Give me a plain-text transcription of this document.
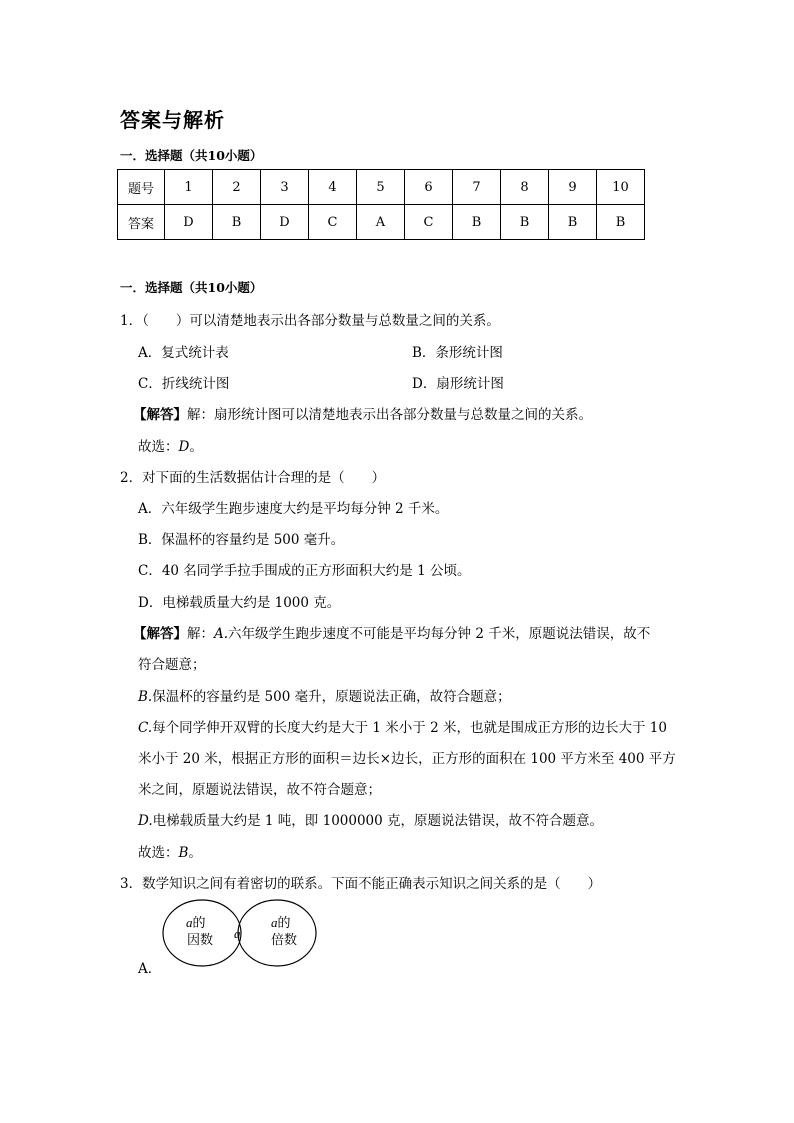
答案与解析
一．选择题（共10小题）
题号	1	2	3	4	5	6	7	8	9	10
答案	D	B	D	C	A	C	B	B	B	B
一．选择题（共10小题）
1．（　　）可以清楚地表示出各部分数量与总数量之间的关系。
A．复式统计表	B．条形统计图
C．折线统计图	D．扇形统计图
【解答】解：扇形统计图可以清楚地表示出各部分数量与总数量之间的关系。
故选：D。
2．对下面的生活数据估计合理的是（　　）
A．六年级学生跑步速度大约是平均每分钟 2 千米。
B．保温杯的容量约是 500 毫升。
C．40 名同学手拉手围成的正方形面积大约是 1 公顷。
D．电梯载质量大约是 1000 克。
【解答】解：A.六年级学生跑步速度不可能是平均每分钟 2 千米，原题说法错误，故不
符合题意；
B.保温杯的容量约是 500 毫升，原题说法正确，故符合题意；
C.每个同学伸开双臂的长度大约是大于 1 米小于 2 米，也就是围成正方形的边长大于 10
米小于 20 米，根据正方形的面积＝边长×边长，正方形的面积在 100 平方米至 400 平方
米之间，原题说法错误，故不符合题意；
D.电梯载质量大约是 1 吨，即 1000000 克，原题说法错误，故不符合题意。
故选：B。
3．数学知识之间有着密切的联系。下面不能正确表示知识之间关系的是（　　）
a的
因数 a
a的
倍数
A．
